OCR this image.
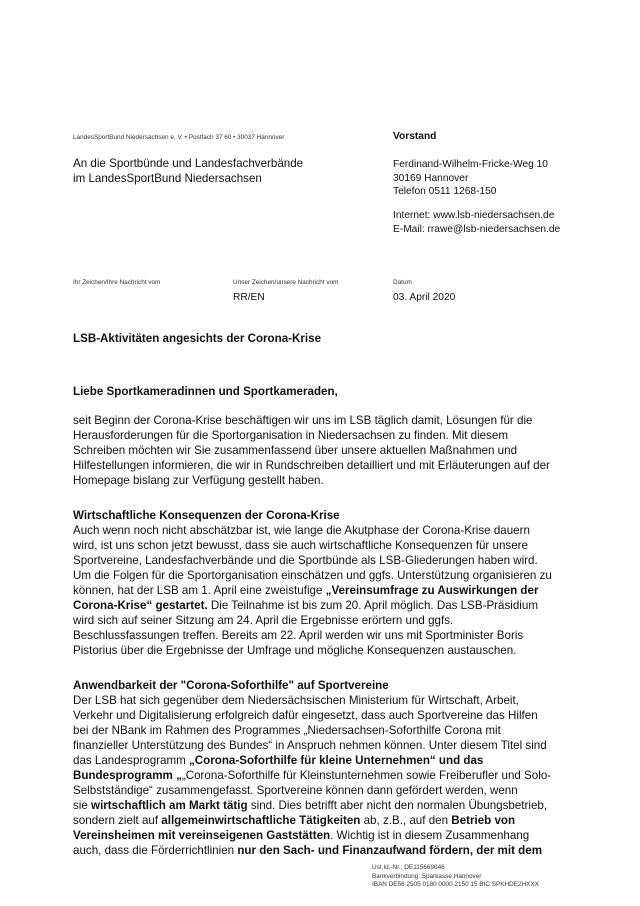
LandesSportBund Niedersachsen e. V. • Postfach 37 60 • 30037 Hannover
An die Sportbünde und Landesfachverbände
im LandesSportBund Niedersachsen
Vorstand
Ferdinand-Wilhelm-Fricke-Weg 10
30169 Hannover
Telefon 0511 1268-150
Internet: www.lsb-niedersachsen.de
E-Mail: rrawe@lsb-niedersachsen.de
Ihr Zeichen/Ihre Nachricht vom	Unser Zeichen/unsere Nachricht vom
RR/EN
Datum
03. April 2020
LSB-Aktivitäten angesichts der Corona-Krise
Liebe Sportkameradinnen und Sportkameraden,
seit Beginn der Corona-Krise beschäftigen wir uns im LSB täglich damit, Lösungen für die
Herausforderungen für die Sportorganisation in Niedersachsen zu finden. Mit diesem
Schreiben möchten wir Sie zusammenfassend über unsere aktuellen Maßnahmen und
Hilfestellungen informieren, die wir in Rundschreiben detailliert und mit Erläuterungen auf der
Homepage bislang zur Verfügung gestellt haben.
Wirtschaftliche Konsequenzen der Corona-Krise
Auch wenn noch nicht abschätzbar ist, wie lange die Akutphase der Corona-Krise dauern
wird, ist uns schon jetzt bewusst, dass sie auch wirtschaftliche Konsequenzen für unsere
Sportvereine, Landesfachverbände und die Sportbünde als LSB-Gliederungen haben wird.
Um die Folgen für die Sportorganisation einschätzen und ggfs. Unterstützung organisieren zu
können, hat der LSB am 1. April eine zweistufige „Vereinsumfrage zu Auswirkungen der
Corona-Krise“ gestartet. Die Teilnahme ist bis zum 20. April möglich. Das LSB-Präsidium
wird sich auf seiner Sitzung am 24. April die Ergebnisse erörtern und ggfs.
Beschlussfassungen treffen. Bereits am 22. April werden wir uns mit Sportminister Boris
Pistorius über die Ergebnisse der Umfrage und mögliche Konsequenzen austauschen.
Anwendbarkeit der "Corona-Soforthilfe" auf Sportvereine
Der LSB hat sich gegenüber dem Niedersächsischen Ministerium für Wirtschaft, Arbeit,
Verkehr und Digitalisierung erfolgreich dafür eingesetzt, dass auch Sportvereine das Hilfen
bei der NBank im Rahmen des Programmes „Niedersachsen-Soforthilfe Corona mit
finanzieller Unterstützung des Bundes“ in Anspruch nehmen können. Unter diesem Titel sind
das Landesprogramm „Corona-Soforthilfe für kleine Unternehmen“ und das
Bundesprogramm „„Corona-Soforthilfe für Kleinstunternehmen sowie Freiberufler und Solo-
Selbstständige“ zusammengefasst. Sportvereine können dann gefördert werden, wenn
sie wirtschaftlich am Markt tätig sind. Dies betrifft aber nicht den normalen Übungsbetrieb,
sondern zielt auf allgemeinwirtschaftliche Tätigkeiten ab, z.B., auf den Betrieb von
Vereinsheimen mit vereinseigenen Gaststätten. Wichtig ist in diesem Zusammenhang
auch, dass die Förderrichtlinien nur den Sach- und Finanzaufwand fördern, der mit dem
Ust.Id.-Nr.: DE115669046
Bankverbindung: Sparkasse Hannover
IBAN DE56 2505 0180 0000 2150 15 BIC SPKHDE2HXXX
